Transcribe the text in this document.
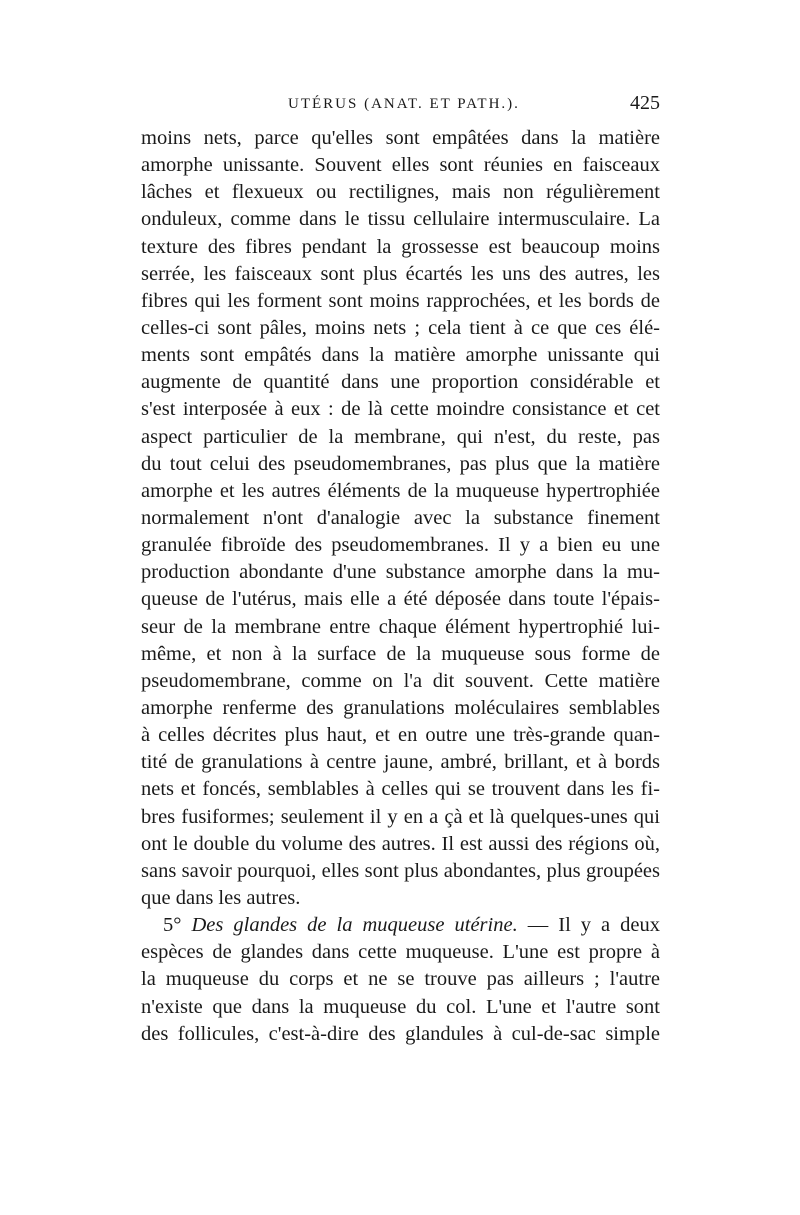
UTÉRUS (ANAT. ET PATH.).	425
moins nets, parce qu'elles sont empâtées dans la matière
amorphe unissante. Souvent elles sont réunies en faisceaux
lâches et flexueux ou rectilignes, mais non régulièrement
onduleux, comme dans le tissu cellulaire intermusculaire. La
texture des fibres pendant la grossesse est beaucoup moins
serrée, les faisceaux sont plus écartés les uns des autres, les
fibres qui les forment sont moins rapprochées, et les bords de
celles-ci sont pâles, moins nets ; cela tient à ce que ces élé-
ments sont empâtés dans la matière amorphe unissante qui
augmente de quantité dans une proportion considérable et
s'est interposée à eux : de là cette moindre consistance et cet
aspect particulier de la membrane, qui n'est, du reste, pas
du tout celui des pseudomembranes, pas plus que la matière
amorphe et les autres éléments de la muqueuse hypertrophiée
normalement n'ont d'analogie avec la substance finement
granulée fibroïde des pseudomembranes. Il y a bien eu une
production abondante d'une substance amorphe dans la mu-
queuse de l'utérus, mais elle a été déposée dans toute l'épais-
seur de la membrane entre chaque élément hypertrophié lui-
même, et non à la surface de la muqueuse sous forme de
pseudomembrane, comme on l'a dit souvent. Cette matière
amorphe renferme des granulations moléculaires semblables
à celles décrites plus haut, et en outre une très-grande quan-
tité de granulations à centre jaune, ambré, brillant, et à bords
nets et foncés, semblables à celles qui se trouvent dans les fi-
bres fusiformes; seulement il y en a çà et là quelques-unes qui
ont le double du volume des autres. Il est aussi des régions où,
sans savoir pourquoi, elles sont plus abondantes, plus groupées
que dans les autres.
5° Des glandes de la muqueuse utérine. — Il y a deux
espèces de glandes dans cette muqueuse. L'une est propre à
la muqueuse du corps et ne se trouve pas ailleurs ; l'autre
n'existe que dans la muqueuse du col. L'une et l'autre sont
des follicules, c'est-à-dire des glandules à cul-de-sac simple
